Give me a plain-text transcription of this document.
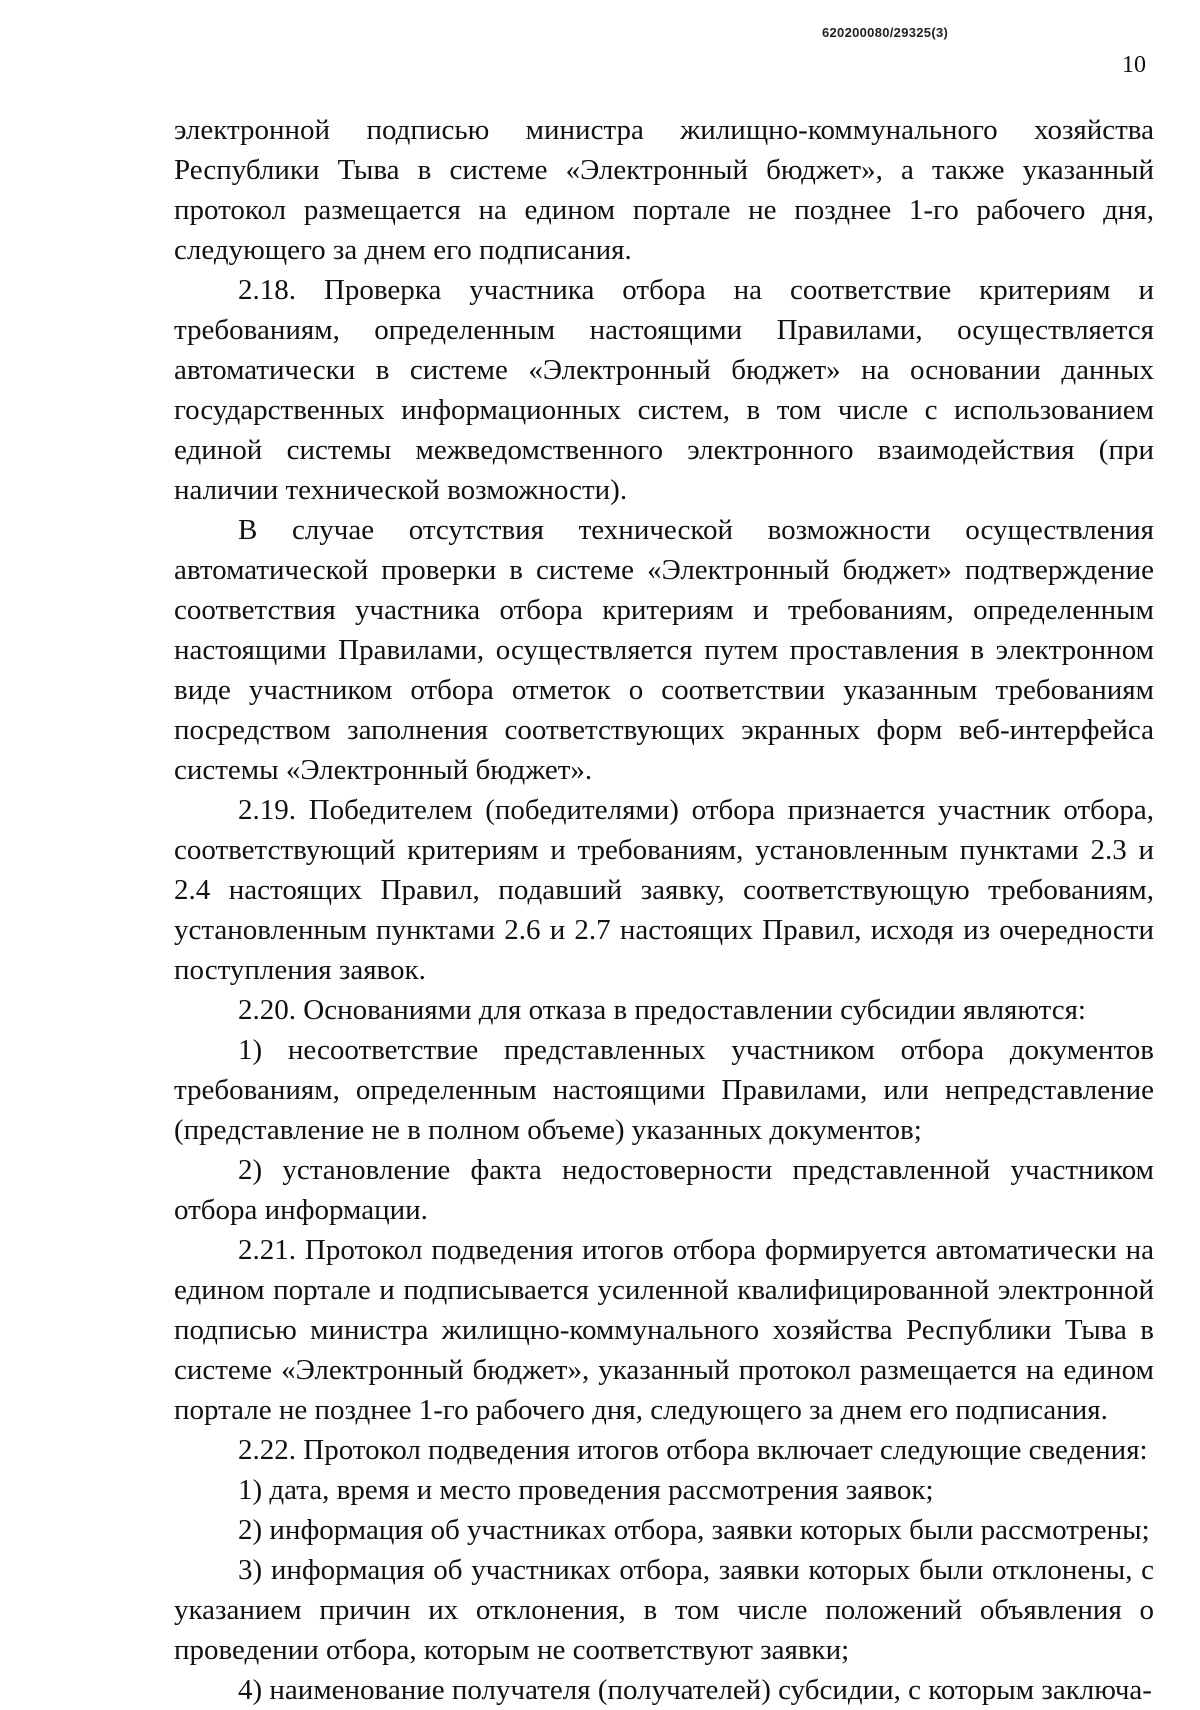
620200080/29325(3)
10

электронной подписью министра жилищно-коммунального хозяйства Республики Тыва в системе «Электронный бюджет», а также указанный протокол размещается на едином портале не позднее 1-го рабочего дня, следующего за днем его подписания.

2.18. Проверка участника отбора на соответствие критериям и требованиям, определенным настоящими Правилами, осуществляется автоматически в системе «Электронный бюджет» на основании данных государственных информационных систем, в том числе с использованием единой системы межведомственного электронного взаимодействия (при наличии технической возможности).

В случае отсутствия технической возможности осуществления автоматической проверки в системе «Электронный бюджет» подтверждение соответствия участника отбора критериям и требованиям, определенным настоящими Правилами, осуществляется путем проставления в электронном виде участником отбора отметок о соответствии указанным требованиям посредством заполнения соответствующих экранных форм веб-интерфейса системы «Электронный бюджет».

2.19. Победителем (победителями) отбора признается участник отбора, соответствующий критериям и требованиям, установленным пунктами 2.3 и 2.4 настоящих Правил, подавший заявку, соответствующую требованиям, установленным пунктами 2.6 и 2.7 настоящих Правил, исходя из очередности поступления заявок.

2.20. Основаниями для отказа в предоставлении субсидии являются:

1) несоответствие представленных участником отбора документов требованиям, определенным настоящими Правилами, или непредставление (представление не в полном объеме) указанных документов;

2) установление факта недостоверности представленной участником отбора информации.

2.21. Протокол подведения итогов отбора формируется автоматически на едином портале и подписывается усиленной квалифицированной электронной подписью министра жилищно-коммунального хозяйства Республики Тыва в системе «Электронный бюджет», указанный протокол размещается на едином портале не позднее 1-го рабочего дня, следующего за днем его подписания.

2.22. Протокол подведения итогов отбора включает следующие сведения:

1) дата, время и место проведения рассмотрения заявок;

2) информация об участниках отбора, заявки которых были рассмотрены;

3) информация об участниках отбора, заявки которых были отклонены, с указанием причин их отклонения, в том числе положений объявления о проведении отбора, которым не соответствуют заявки;

4) наименование получателя (получателей) субсидии, с которым заключа-
